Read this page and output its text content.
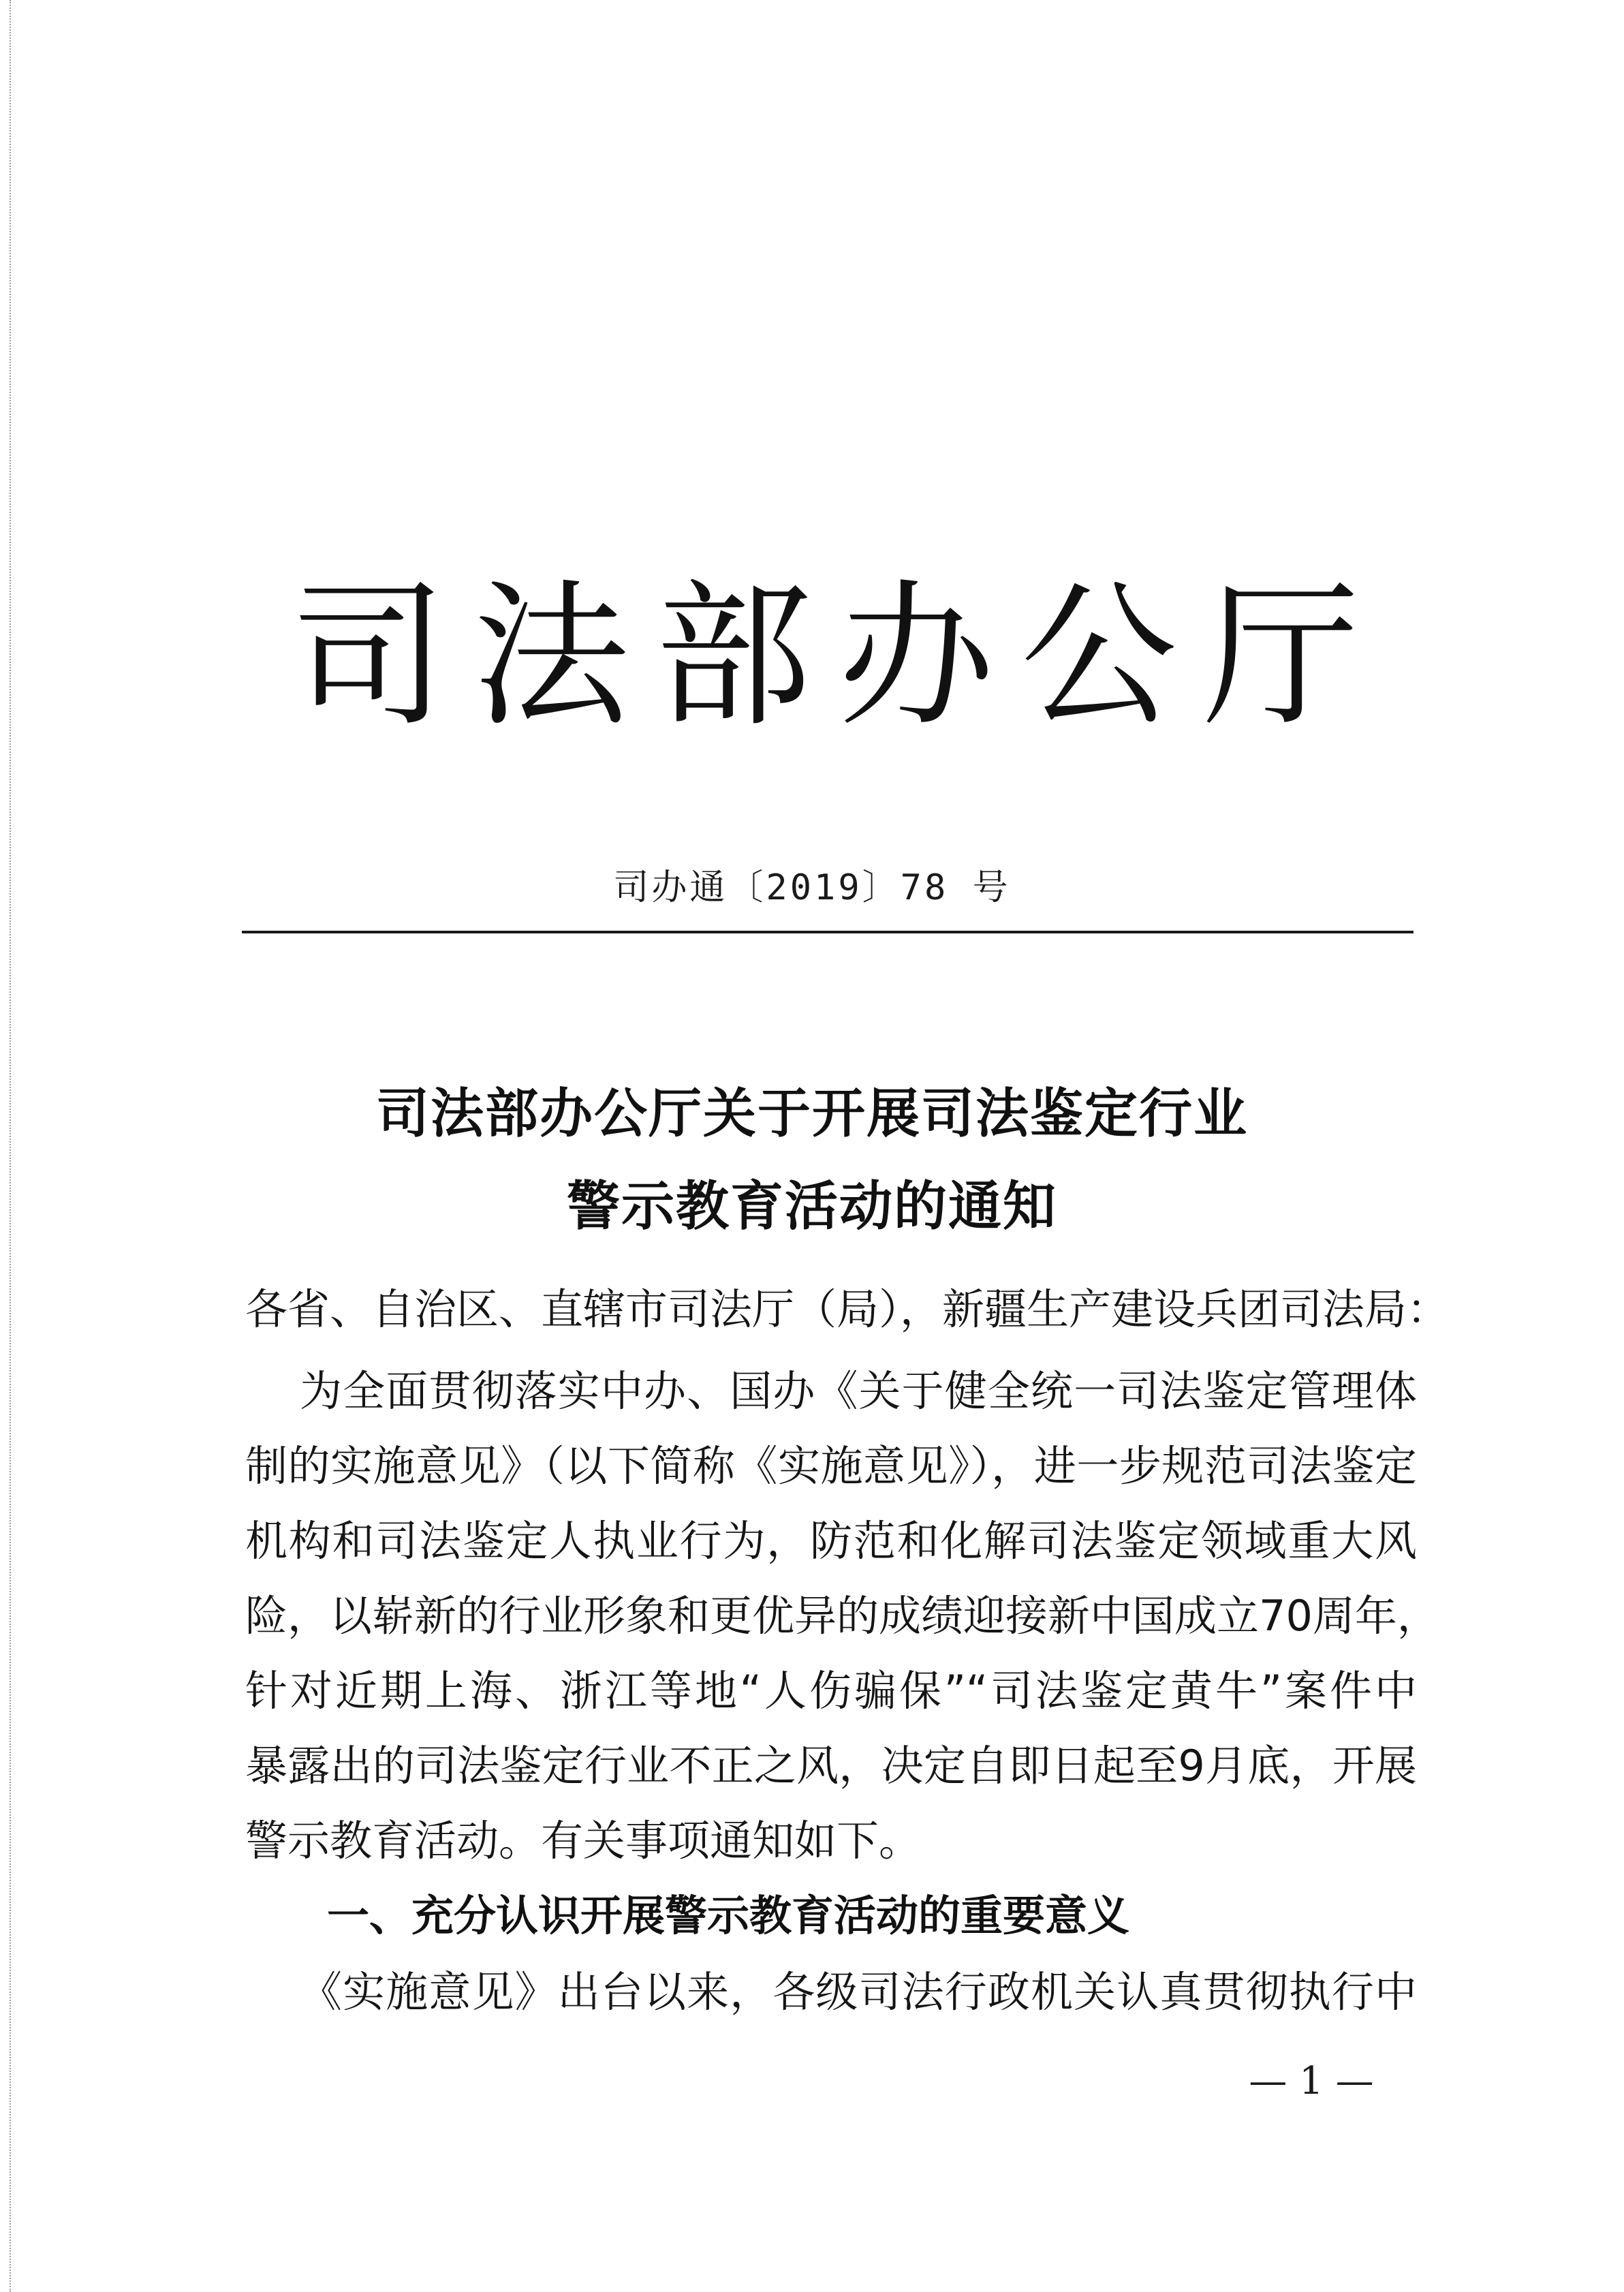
司法部办公厅
司办通〔2019〕78 号
司法部办公厅关于开展司法鉴定行业
警示教育活动的通知

各省、自治区、直辖市司法厅（局），新疆生产建设兵团司法局：

为全面贯彻落实中办、国办《关于健全统一司法鉴定管理体

制的实施意见》（以下简称《实施意见》），进一步规范司法鉴定

机构和司法鉴定人执业行为，防范和化解司法鉴定领域重大风

险，以崭新的行业形象和更优异的成绩迎接新中国成立70周年，

针对近期上海、浙江等地“人伤骗保”“司法鉴定黄牛”案件中

暴露出的司法鉴定行业不正之风，决定自即日起至9月底，开展

警示教育活动。有关事项通知如下。

一、充分认识开展警示教育活动的重要意义

《实施意见》出台以来，各级司法行政机关认真贯彻执行中

— 1 —
